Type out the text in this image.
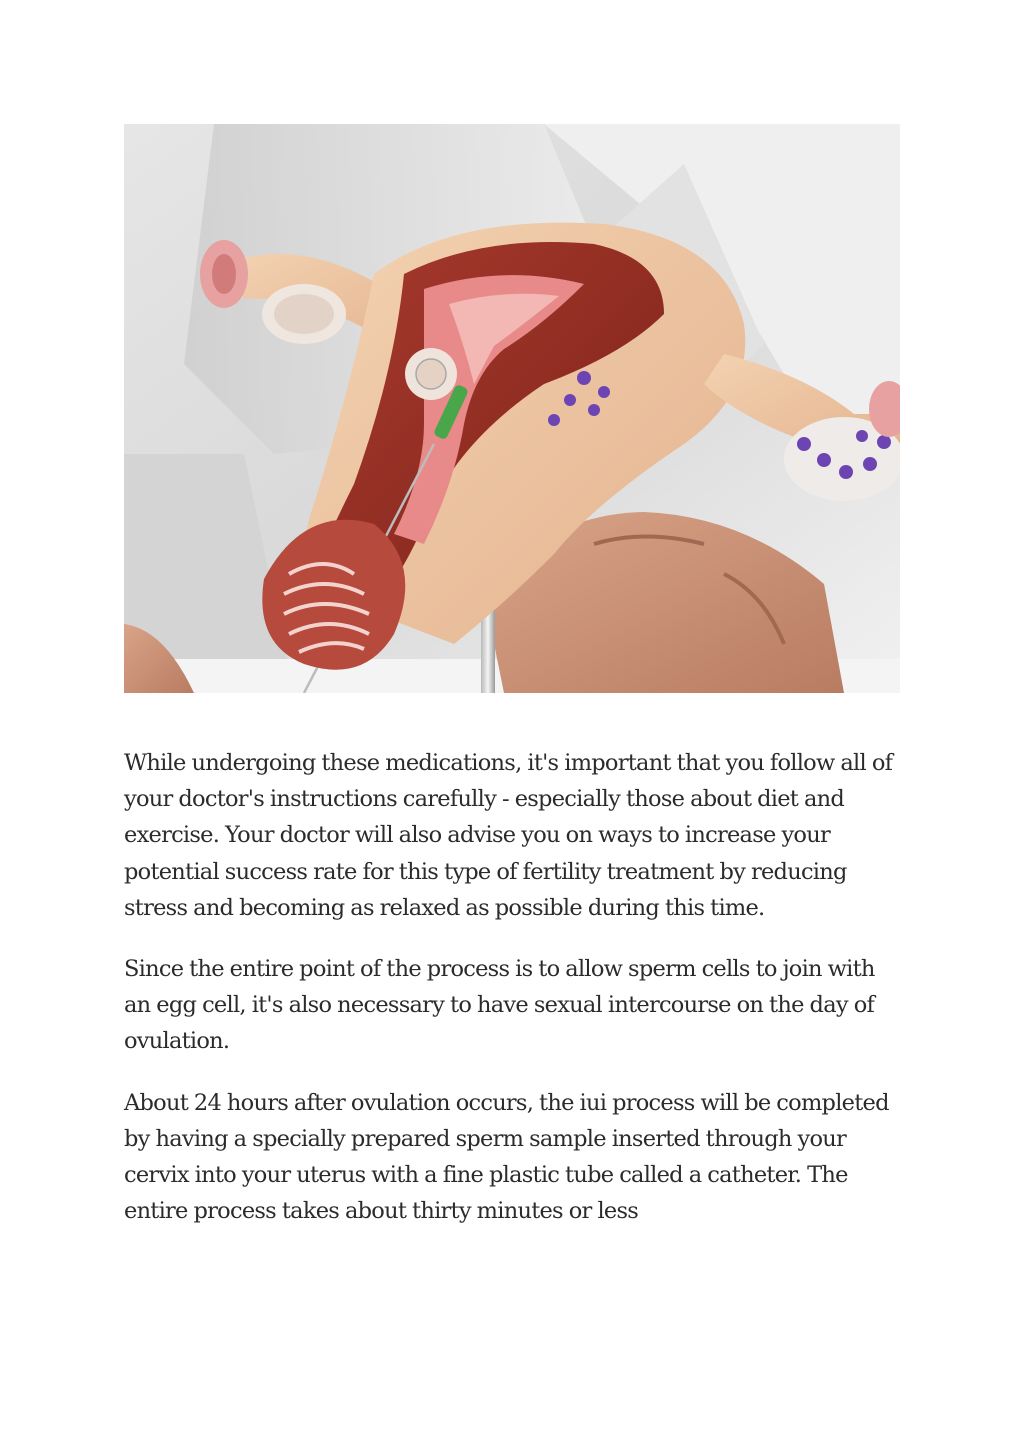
While undergoing these medications, it's important that you follow all of your doctor's instructions carefully - especially those about diet and exercise. Your doctor will also advise you on ways to increase your potential success rate for this type of fertility treatment by reducing stress and becoming as relaxed as possible during this time.

Since the entire point of the process is to allow sperm cells to join with an egg cell, it's also necessary to have sexual intercourse on the day of ovulation.

About 24 hours after ovulation occurs, the iui process will be completed by having a specially prepared sperm sample inserted through your cervix into your uterus with a fine plastic tube called a catheter. The entire process takes about thirty minutes or less
